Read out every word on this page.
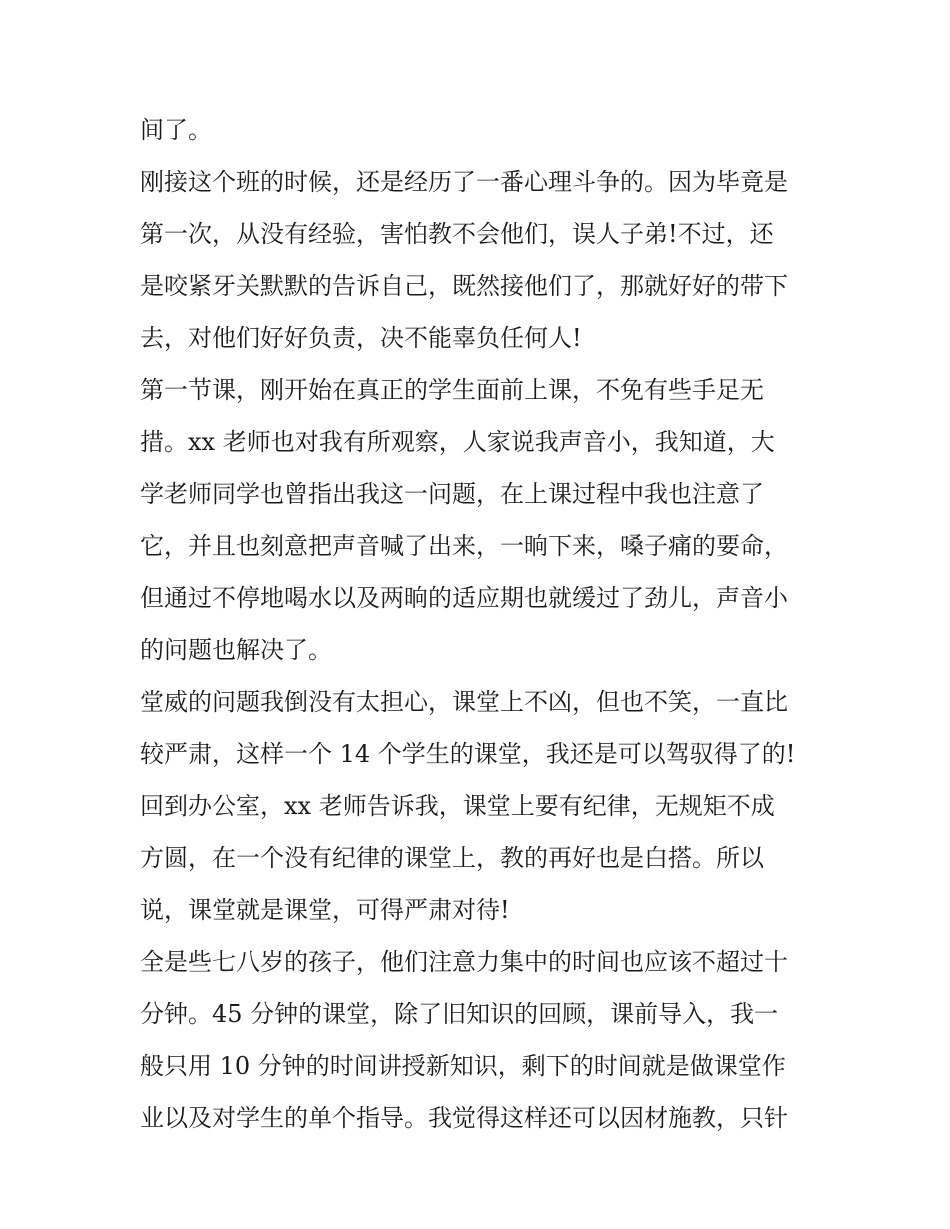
间了。
刚接这个班的时候，还是经历了一番心理斗争的。因为毕竟是
第一次，从没有经验，害怕教不会他们，误人子弟!不过，还
是咬紧牙关默默的告诉自己，既然接他们了，那就好好的带下
去，对他们好好负责，决不能辜负任何人!
第一节课，刚开始在真正的学生面前上课，不免有些手足无
措。xx 老师也对我有所观察，人家说我声音小，我知道，大
学老师同学也曾指出我这一问题，在上课过程中我也注意了
它，并且也刻意把声音喊了出来，一晌下来，嗓子痛的要命，
但通过不停地喝水以及两晌的适应期也就缓过了劲儿，声音小
的问题也解决了。
堂威的问题我倒没有太担心，课堂上不凶，但也不笑，一直比
较严肃，这样一个 14 个学生的课堂，我还是可以驾驭得了的!
回到办公室，xx 老师告诉我，课堂上要有纪律，无规矩不成
方圆，在一个没有纪律的课堂上，教的再好也是白搭。所以
说，课堂就是课堂，可得严肃对待!
全是些七八岁的孩子，他们注意力集中的时间也应该不超过十
分钟。45 分钟的课堂，除了旧知识的回顾，课前导入，我一
般只用 10 分钟的时间讲授新知识，剩下的时间就是做课堂作
业以及对学生的单个指导。我觉得这样还可以因材施教，只针
